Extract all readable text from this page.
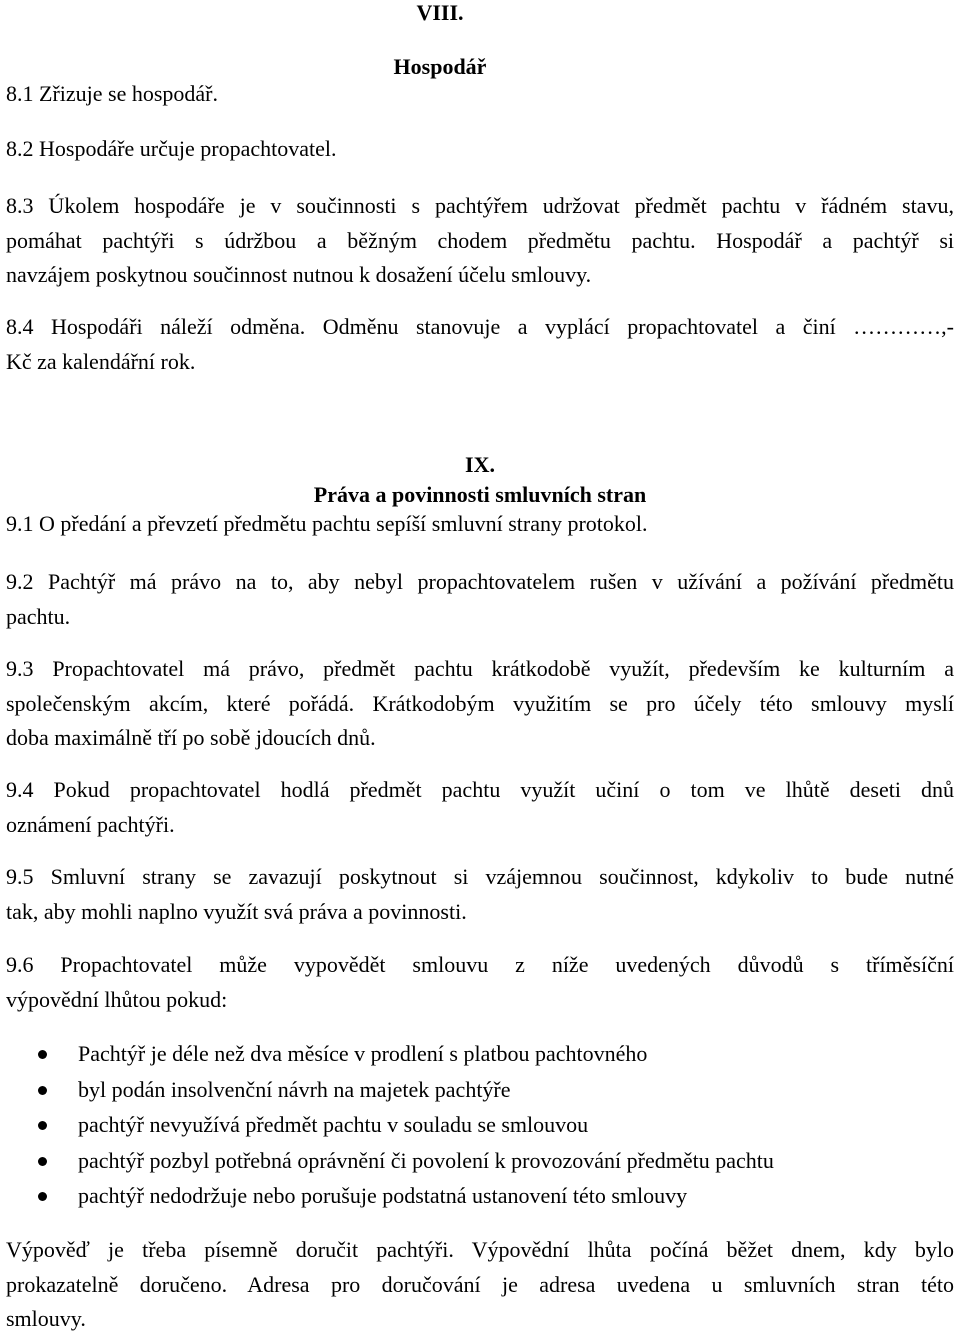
VIII.
Hospodář
8.1 Zřizuje se hospodář.
8.2 Hospodáře určuje propachtovatel.
8.3 Úkolem hospodáře je v součinnosti s pachtýřem udržovat předmět pachtu v řádném stavu,
pomáhat pachtýři s údržbou a běžným chodem předmětu pachtu. Hospodář a pachtýř si
navzájem poskytnou součinnost nutnou k dosažení účelu smlouvy.
8.4 Hospodáři náleží odměna. Odměnu stanovuje a vyplácí propachtovatel a činí …………,-
Kč za kalendářní rok.
IX.
Práva a povinnosti smluvních stran
9.1 O předání a převzetí předmětu pachtu sepíší smluvní strany protokol.
9.2 Pachtýř má právo na to, aby nebyl propachtovatelem rušen v užívání a požívání předmětu
pachtu.
9.3 Propachtovatel má právo, předmět pachtu krátkodobě využít, především ke kulturním a
společenským akcím, které pořádá. Krátkodobým využitím se pro účely této smlouvy myslí
doba maximálně tří po sobě jdoucích dnů.
9.4 Pokud propachtovatel hodlá předmět pachtu využít učiní o tom ve lhůtě deseti dnů
oznámení pachtýři.
9.5 Smluvní strany se zavazují poskytnout si vzájemnou součinnost, kdykoliv to bude nutné
tak, aby mohli naplno využít svá práva a povinnosti.
9.6 Propachtovatel může vypovědět smlouvu z níže uvedených důvodů s tříměsíční
výpovědní lhůtou pokud:
Pachtýř je déle než dva měsíce v prodlení s platbou pachtovného
byl podán insolvenční návrh na majetek pachtýře
pachtýř nevyužívá předmět pachtu v souladu se smlouvou
pachtýř pozbyl potřebná oprávnění či povolení k provozování předmětu pachtu
pachtýř nedodržuje nebo porušuje podstatná ustanovení této smlouvy
Výpověď je třeba písemně doručit pachtýři. Výpovědní lhůta počíná běžet dnem, kdy bylo
prokazatelně doručeno. Adresa pro doručování je adresa uvedena u smluvních stran této
smlouvy.
